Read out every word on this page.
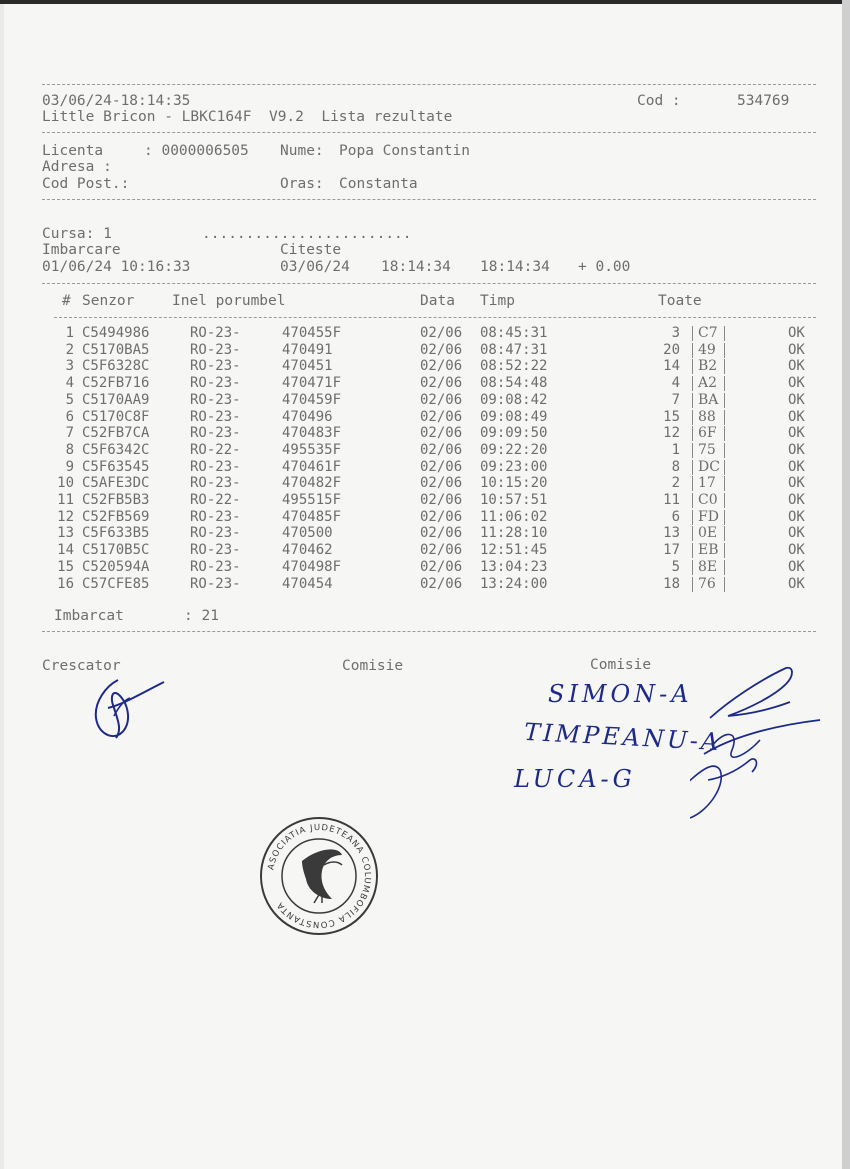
03/06/24-18:14:35	Cod :	534769
Little Bricon - LBKC164F  V9.2  Lista rezultate
Licenta	: 0000006505 Nume: Popa Constantin
Adresa :
Cod Post.:	Oras: Constanta
Cursa: 1	........................
Imbarcare	Citeste
01/06/24 10:16:33	03/06/24 18:14:34 18:14:34 + 0.00
# Senzor	Inel porumbel	Data Timp	Toate
1 C5494986	RO-23-	470455F	02/06 08:45:31	3 C7	OK
2 C5170BA5	RO-23-	470491	02/06 08:47:31	20 49	OK
3 C5F6328C	RO-23-	470451	02/06 08:52:22	14 B2	OK
4 C52FB716	RO-23-	470471F	02/06 08:54:48	4 A2	OK
5 C5170AA9	RO-23-	470459F	02/06 09:08:42	7 BA	OK
6 C5170C8F	RO-23-	470496	02/06 09:08:49	15 88	OK
7 C52FB7CA	RO-23-	470483F	02/06 09:09:50	12 6F	OK
8 C5F6342C	RO-22-	495535F	02/06 09:22:20	1 75	OK
9 C5F63545	RO-23-	470461F	02/06 09:23:00	8 DC	OK
10 C5AFE3DC	RO-23-	470482F	02/06 10:15:20	2 17	OK
11 C52FB5B3	RO-22-	495515F	02/06 10:57:51	11 C0	OK
12 C52FB569	RO-23-	470485F	02/06 11:06:02	6 FD	OK
13 C5F633B5	RO-23-	470500	02/06 11:28:10	13 0E	OK
14 C5170B5C	RO-23-	470462	02/06 12:51:45	17 EB	OK
15 C520594A	RO-23-	470498F	02/06 13:04:23	5 8E	OK
16 C57CFE85	RO-23-	470454	02/06 13:24:00	18 76	OK
Imbarcat	: 21
Crescator	Comisie	Comisie
SIMON-A
TIMPEANU-A
LUCA-G
ASOCIATIA JUDETEANA COLUMBOFILA CONSTANTA
